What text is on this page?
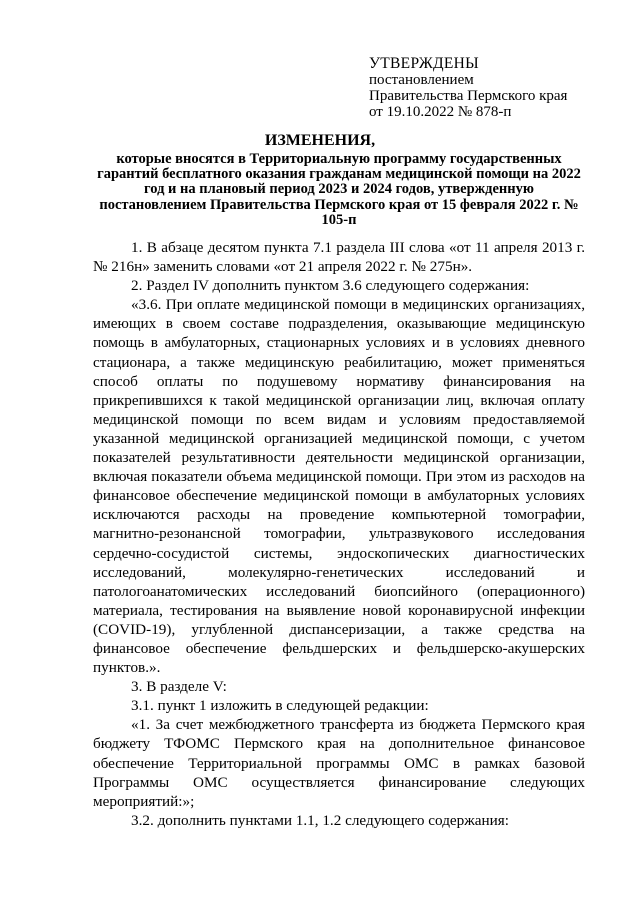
УТВЕРЖДЕНЫ
постановлением
Правительства Пермского края
от 19.10.2022 № 878-п
ИЗМЕНЕНИЯ,
которые вносятся в Территориальную программу государственных гарантий бесплатного оказания гражданам медицинской помощи на 2022 год и на плановый период 2023 и 2024 годов, утвержденную постановлением Правительства Пермского края от 15 февраля 2022 г. № 105-п

1. В абзаце десятом пункта 7.1 раздела III слова «от 11 апреля 2013 г. № 216н» заменить словами «от 21 апреля 2022 г. № 275н».

2. Раздел IV дополнить пунктом 3.6 следующего содержания:

«3.6. При оплате медицинской помощи в медицинских организациях, имеющих в своем составе подразделения, оказывающие медицинскую помощь в амбулаторных, стационарных условиях и в условиях дневного стационара, а также медицинскую реабилитацию, может применяться способ оплаты по подушевому нормативу финансирования на прикрепившихся к такой медицинской организации лиц, включая оплату медицинской помощи по всем видам и условиям предоставляемой указанной медицинской организацией медицинской помощи, с учетом показателей результативности деятельности медицинской организации, включая показатели объема медицинской помощи. При этом из расходов на финансовое обеспечение медицинской помощи в амбулаторных условиях исключаются расходы на проведение компьютерной томографии, магнитно-резонансной томографии, ультразвукового исследования сердечно-сосудистой системы, эндоскопических диагностических исследований, молекулярно-генетических исследований и патологоанатомических исследований биопсийного (операционного) материала, тестирования на выявление новой коронавирусной инфекции (COVID-19), углубленной диспансеризации, а также средства на финансовое обеспечение фельдшерских и фельдшерско-акушерских пунктов.».

3. В разделе V:

3.1. пункт 1 изложить в следующей редакции:

«1. За счет межбюджетного трансферта из бюджета Пермского края бюджету ТФОМС Пермского края на дополнительное финансовое обеспечение Территориальной программы ОМС в рамках базовой Программы ОМС осуществляется финансирование следующих мероприятий:»;

3.2. дополнить пунктами 1.1, 1.2 следующего содержания:
